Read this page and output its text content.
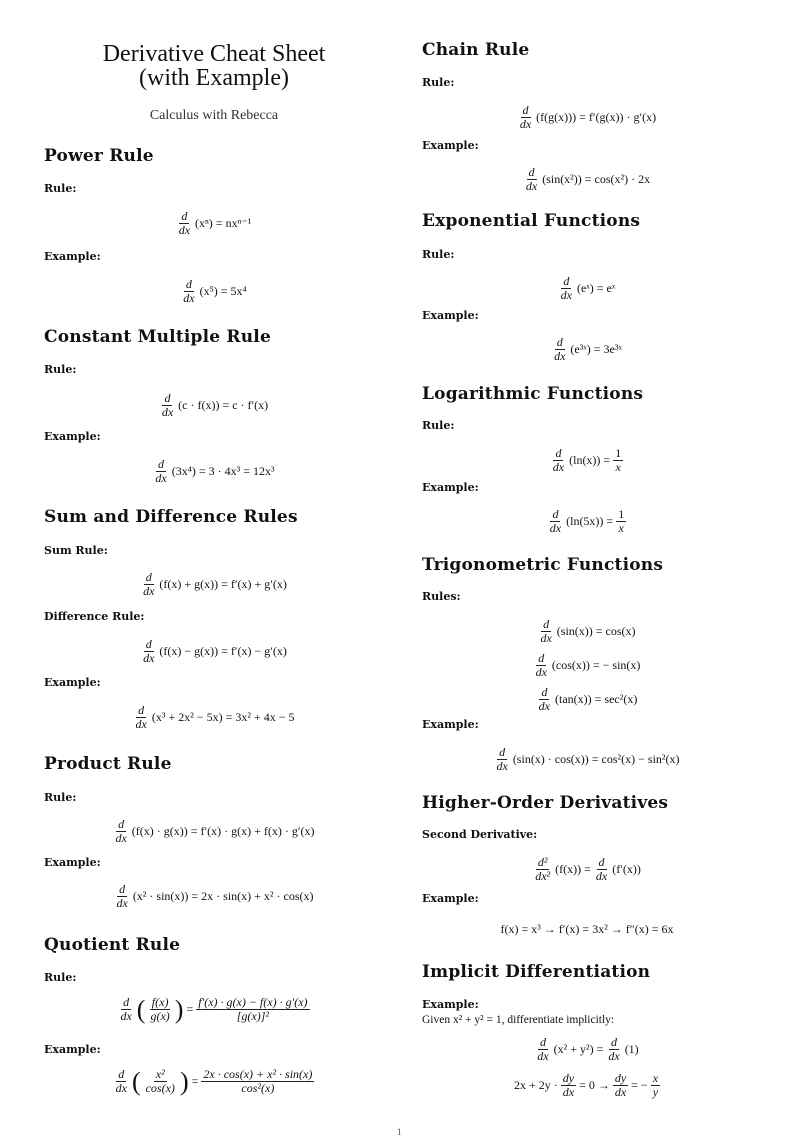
Derivative Cheat Sheet
(with Example)
Calculus with Rebecca
Power Rule
Rule:
$\frac{d}{dx} (x^n) = nx^{n-1}$
Example:
$\frac{d}{dx} (x^5) = 5x^4$
Constant Multiple Rule
Rule:
$\frac{d}{dx} (c \cdot f(x)) = c \cdot f'(x)$
Example:
$\frac{d}{dx} (3x^4) = 3 \cdot 4x^3 = 12x^3$
Sum and Difference Rules
Sum Rule:
$\frac{d}{dx} (f(x) + g(x)) = f'(x) + g'(x)$
Difference Rule:
$\frac{d}{dx} (f(x) - g(x)) = f'(x) - g'(x)$
Example:
$\frac{d}{dx} (x^3 + 2x^2 - 5x) = 3x^2 + 4x - 5$
Product Rule
Rule:
$\frac{d}{dx} (f(x) \cdot g(x)) = f'(x) \cdot g(x) + f(x) \cdot g'(x)$
Example:
$\frac{d}{dx} (x^2 \cdot \sin(x)) = 2x \cdot \sin(x) + x^2 \cdot \cos(x)$
Quotient Rule
Rule:
$\frac{d}{dx}$ ( $\frac{f(x)}{g(x)}$ ) = $\frac{f'(x) \cdot g(x) - f(x) \cdot g'(x)}{\text{[g(x)]²}}$
Example:
$\frac{d}{dx}$ ( $\frac{\text{x²}}{\cos(x)}$ ) = $\frac{\text{2x · cos(x) + x² · sin(x)}}{\text{cos²(x)}}$
Chain Rule
Rule:
$\frac{d}{dx} (f(g(x))) = f'(g(x)) \cdot g'(x)$
Example:
$\frac{d}{dx} (\sin(x^2)) = \cos(x^2) \cdot 2x$
Exponential Functions
Rule:
$\frac{d}{dx}$ (eˣ) = eˣ
Example:
$\frac{d}{dx}$ (e³ˣ) = 3e³ˣ
Logarithmic Functions
Rule:
$\frac{d}{dx} (\ln(x)) = \frac{1}{x}$
Example:
$\frac{d}{dx} (\ln(5x)) = \frac{1}{x}$
Trigonometric Functions
Rules:
$\frac{d}{dx} (\sin(x)) = \cos(x)$
$\frac{d}{dx} (\cos(x))$ = − sin(x)
$\frac{d}{dx} (\tan(x)) = \sec^2(x)$
Example:
$\frac{d}{dx} (\sin(x) \cdot \cos(x)) = \cos^2(x) - \sin^2(x)$
Higher-Order Derivatives
Second Derivative:
$\frac{\text{d²}}{\text{dx²}} (f(x)) = \frac{d}{dx} (f'(x))$
Example:
f(x) = x³ → f′(x) = 3x² → f″(x) = 6x
Implicit Differentiation
Example:
Given x² + y² = 1, differentiate implicitly:
$\frac{d}{dx} (x^2 + y^2) = \frac{d}{dx} (1)$
$2x + 2y \cdot \frac{dy}{dx} = 0 \to \frac{dy}{dx}$ = − $\frac{x}{y}$
1
